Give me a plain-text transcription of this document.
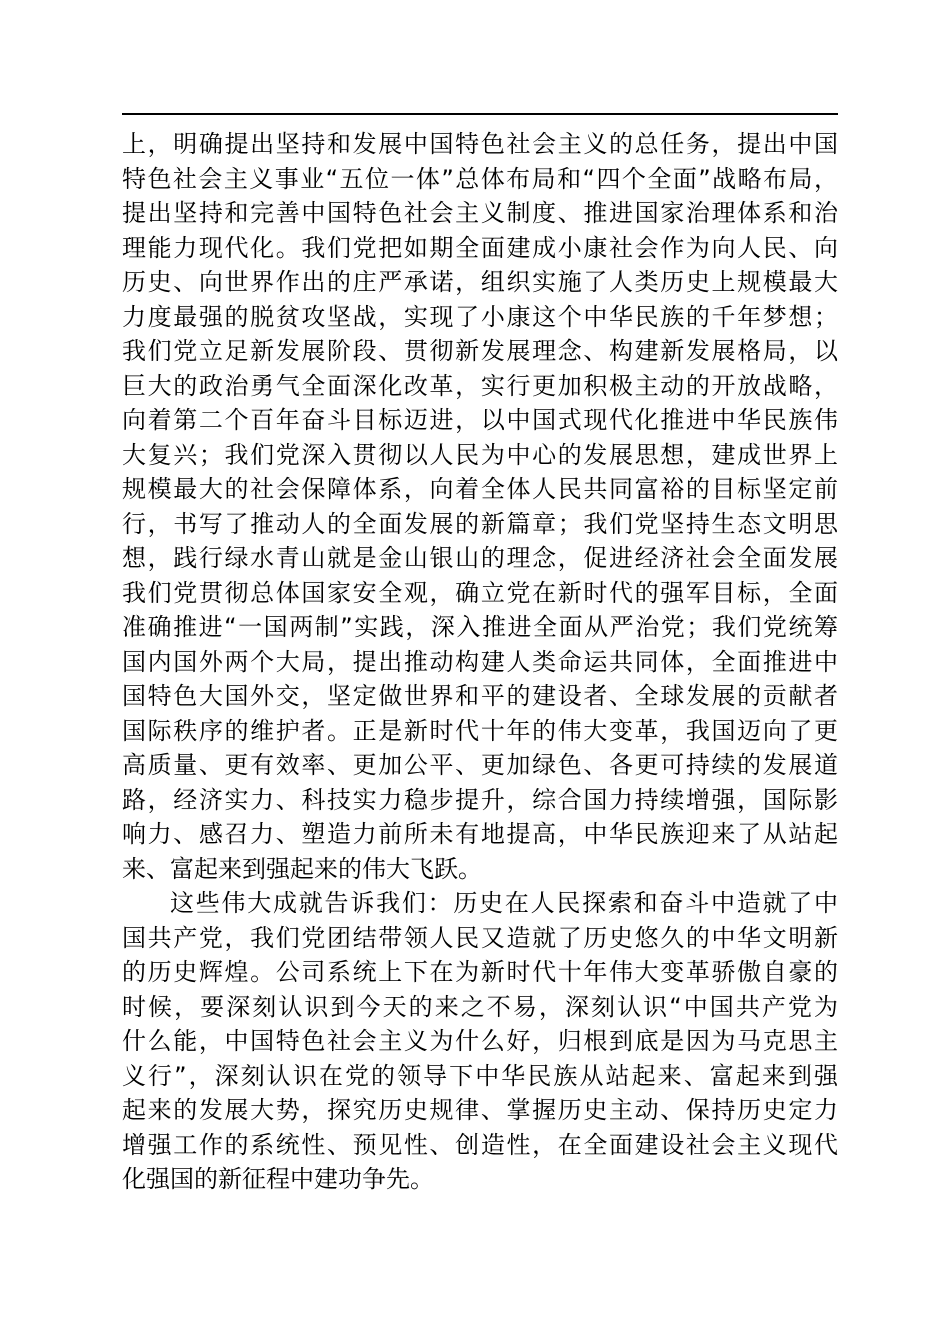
上，明确提出坚持和发展中国特色社会主义的总任务，提出中国
特色社会主义事业“五位一体”总体布局和“四个全面”战略布局，
提出坚持和完善中国特色社会主义制度、推进国家治理体系和治
理能力现代化。我们党把如期全面建成小康社会作为向人民、向
历史、向世界作出的庄严承诺，组织实施了人类历史上规模最大
力度最强的脱贫攻坚战，实现了小康这个中华民族的千年梦想；
我们党立足新发展阶段、贯彻新发展理念、构建新发展格局，以
巨大的政治勇气全面深化改革，实行更加积极主动的开放战略，
向着第二个百年奋斗目标迈进，以中国式现代化推进中华民族伟
大复兴；我们党深入贯彻以人民为中心的发展思想，建成世界上
规模最大的社会保障体系，向着全体人民共同富裕的目标坚定前
行，书写了推动人的全面发展的新篇章；我们党坚持生态文明思
想，践行绿水青山就是金山银山的理念，促进经济社会全面发展
我们党贯彻总体国家安全观，确立党在新时代的强军目标，全面
准确推进“一国两制”实践，深入推进全面从严治党；我们党统筹
国内国外两个大局，提出推动构建人类命运共同体，全面推进中
国特色大国外交，坚定做世界和平的建设者、全球发展的贡献者
国际秩序的维护者。正是新时代十年的伟大变革，我国迈向了更
高质量、更有效率、更加公平、更加绿色、各更可持续的发展道
路，经济实力、科技实力稳步提升，综合国力持续增强，国际影
响力、感召力、塑造力前所未有地提高，中华民族迎来了从站起
来、富起来到强起来的伟大飞跃。
这些伟大成就告诉我们：历史在人民探索和奋斗中造就了中
国共产党，我们党团结带领人民又造就了历史悠久的中华文明新
的历史辉煌。公司系统上下在为新时代十年伟大变革骄傲自豪的
时候，要深刻认识到今天的来之不易，深刻认识“中国共产党为
什么能，中国特色社会主义为什么好，归根到底是因为马克思主
义行”，深刻认识在党的领导下中华民族从站起来、富起来到强
起来的发展大势，探究历史规律、掌握历史主动、保持历史定力
增强工作的系统性、预见性、创造性，在全面建设社会主义现代
化强国的新征程中建功争先。
